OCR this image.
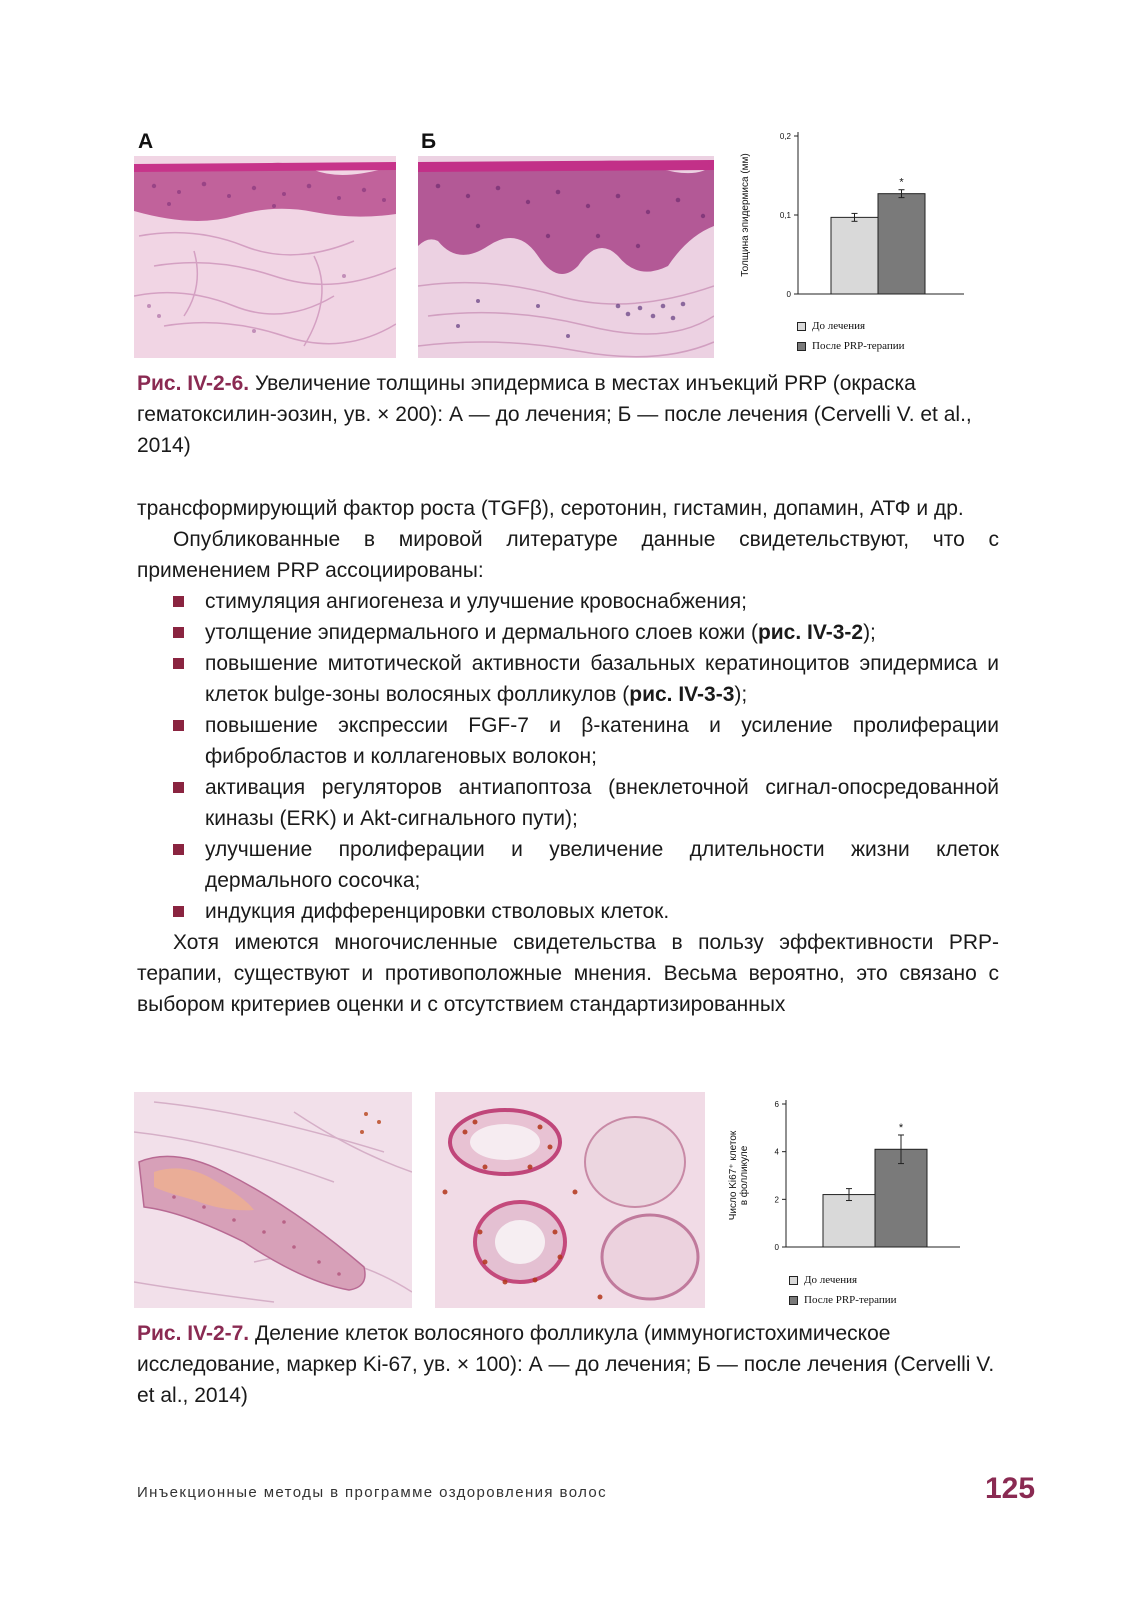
А	Б
0
0,1
0,2
*
Толщина эпидермиса (мм)
До лечения
После PRP-терапии
Рис. IV-2-6. Увеличение толщины эпидермиса в местах инъекций PRP (окраска гематоксилин-эозин, ув. × 200): А — до лечения; Б — после лечения (Cervelli V. et al., 2014)

трансформирующий фактор роста (TGFβ), серотонин, гистамин, допамин, АТФ и др.

Опубликованные в мировой литературе данные свидетельствуют, что с применением PRP ассоциированы:

стимуляция ангиогенеза и улучшение кровоснабжения;
утолщение эпидермального и дермального слоев кожи (рис. IV-3-2);
повышение митотической активности базальных кератиноцитов эпидермиса и клеток bulge-зоны волосяных фолликулов (рис. IV-3-3);
повышение экспрессии FGF-7 и β-катенина и усиление пролиферации фибробластов и коллагеновых волокон;
активация регуляторов антиапоптоза (внеклеточной сигнал-опосредованной киназы (ERK) и Akt-сигнального пути);
улучшение пролиферации и увеличение длительности жизни клеток дермального сосочка;
индукция дифференцировки стволовых клеток.

Хотя имеются многочисленные свидетельства в пользу эффективности PRP-терапии, существуют и противоположные мнения. Весьма вероятно, это связано с выбором критериев оценки и с отсутствием стандартизированных

0
2
4
6
*
Число Ki67⁺ клеток в фолликуле
До лечения
После PRP-терапии
Рис. IV-2-7. Деление клеток волосяного фолликула (иммуногистохимическое исследование, маркер Ki-67, ув. × 100): А — до лечения; Б — после лечения (Cervelli V. et al., 2014)
Инъекционные методы в программе оздоровления волос	125
